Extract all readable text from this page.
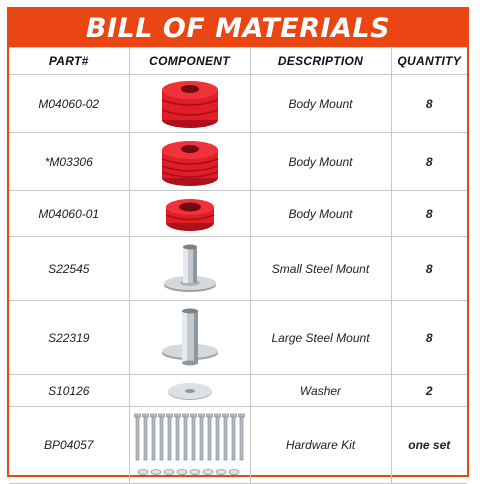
BILL OF MATERIALS
PART#	COMPONENT	DESCRIPTION	QUANTITY
M04060-02		Body Mount	8
*M03306		Body Mount	8
M04060-01		Body Mount	8
S22545		Small Steel Mount	8
S22319		Large Steel Mount	8
S10126		Washer	2
BP04057		Hardware Kit	one set
